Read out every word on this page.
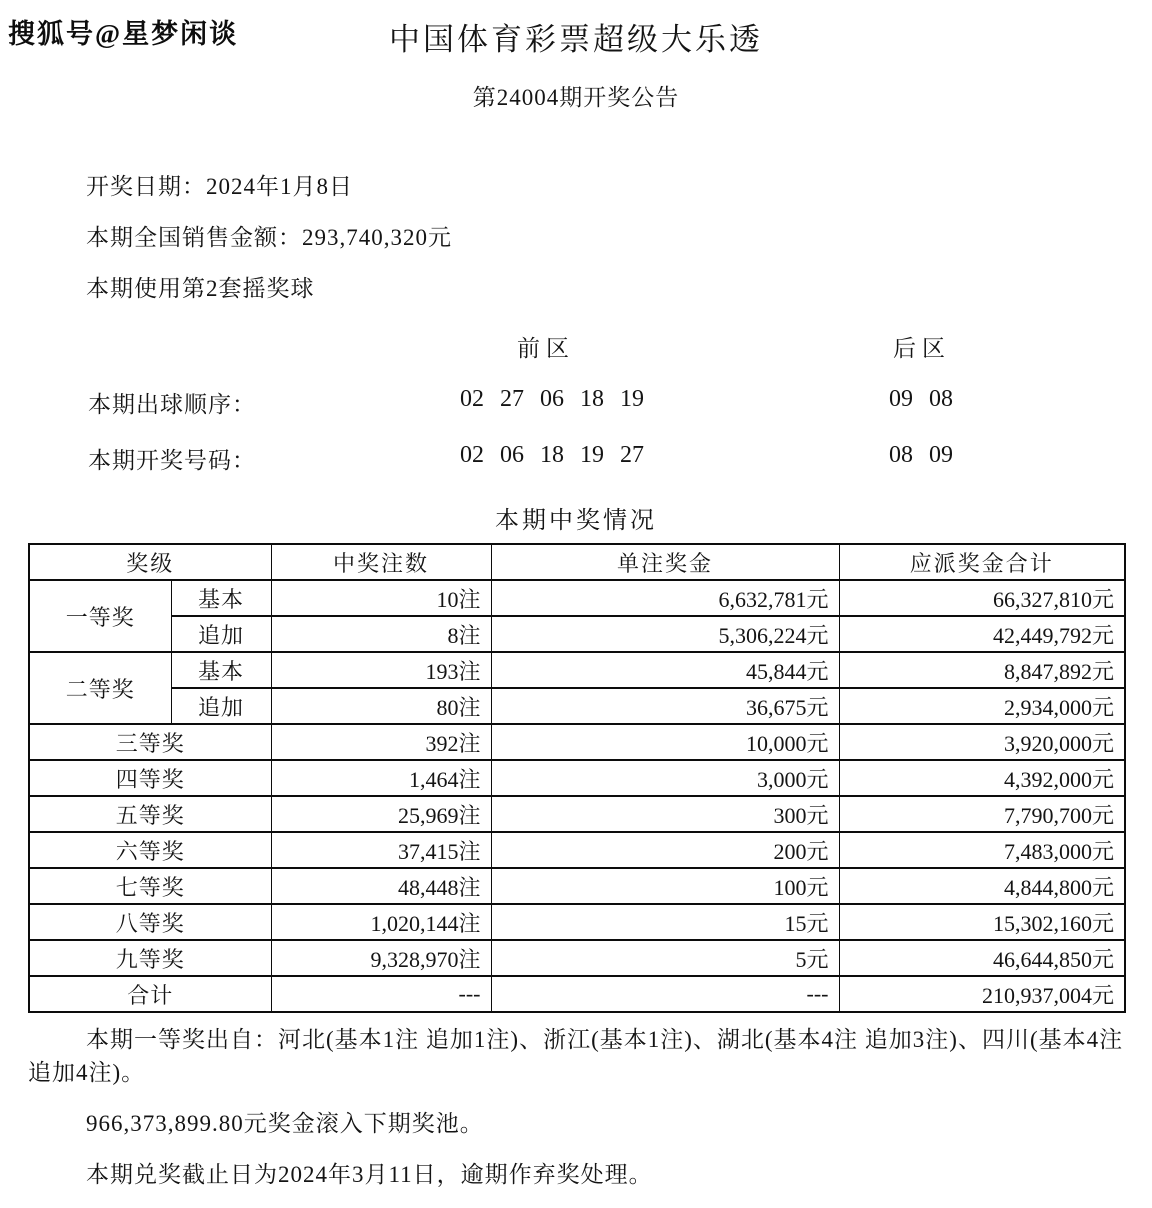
搜狐号@星梦闲谈	中国体育彩票超级大乐透
第24004期开奖公告
开奖日期：2024年1月8日
本期全国销售金额：293,740,320元
本期使用第2套摇奖球
前区	后区
本期出球顺序：	02 27 06 18 19	09 08
本期开奖号码：	02 06 18 19 27	08 09
本期中奖情况
奖级		中奖注数	单注奖金	应派奖金合计
一等奖	基本	10注	6,632,781元	66,327,810元
	追加	8注	5,306,224元	42,449,792元
二等奖	基本	193注	45,844元	8,847,892元
	追加	80注	36,675元	2,934,000元
三等奖		392注	10,000元	3,920,000元
四等奖		1,464注	3,000元	4,392,000元
五等奖		25,969注	300元	7,790,700元
六等奖		37,415注	200元	7,483,000元
七等奖		48,448注	100元	4,844,800元
八等奖		1,020,144注	15元	15,302,160元
九等奖		9,328,970注	5元	46,644,850元
合计		---	---	210,937,004元

本期一等奖出自：河北(基本1注 追加1注)、浙江(基本1注)、湖北(基本4注 追加3注)、四川(基本4注 追加4注)。

966,373,899.80元奖金滚入下期奖池。

本期兑奖截止日为2024年3月11日，逾期作弃奖处理。
